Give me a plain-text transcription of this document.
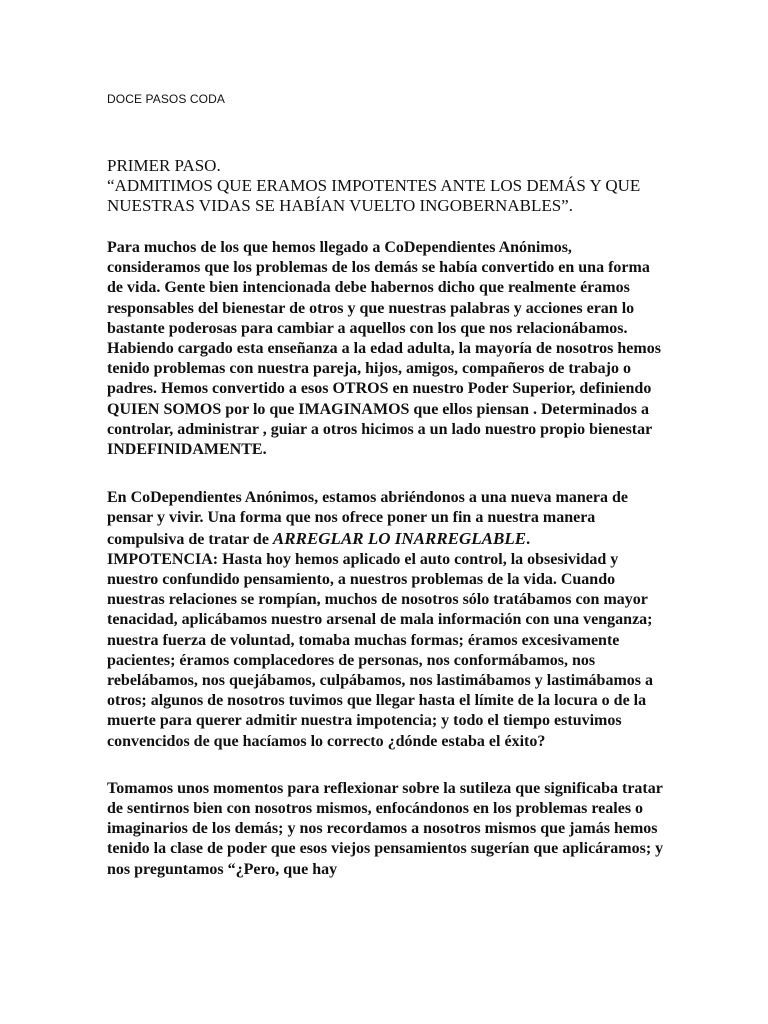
DOCE PASOS CODA

PRIMER PASO.

“ADMITIMOS QUE ERAMOS IMPOTENTES ANTE LOS DEMÁS Y QUE NUESTRAS VIDAS SE HABÍAN VUELTO INGOBERNABLES”.

Para muchos de los que hemos llegado a CoDependientes Anónimos, consideramos que los problemas de los demás se había convertido en una forma de vida. Gente bien intencionada debe habernos dicho que realmente éramos responsables del bienestar de otros y que nuestras palabras y acciones eran lo bastante poderosas para cambiar a aquellos con los que nos relacionábamos. Habiendo cargado esta enseñanza a la edad adulta, la mayoría de nosotros hemos tenido problemas con nuestra pareja, hijos, amigos, compañeros de trabajo o padres. Hemos convertido a esos OTROS en nuestro Poder Superior, definiendo QUIEN SOMOS por lo que IMAGINAMOS que ellos piensan . Determinados a controlar, administrar , guiar a otros hicimos a un lado nuestro propio bienestar INDEFINIDAMENTE.

En CoDependientes Anónimos, estamos abriéndonos a una nueva manera de pensar y vivir. Una forma que nos ofrece poner un fin a nuestra manera compulsiva de tratar de ARREGLAR LO INARREGLABLE.

IMPOTENCIA: Hasta hoy hemos aplicado el auto control, la obsesividad y nuestro confundido pensamiento, a nuestros problemas de la vida. Cuando nuestras relaciones se rompían, muchos de nosotros sólo tratábamos con mayor tenacidad, aplicábamos nuestro arsenal de mala información con una venganza; nuestra fuerza de voluntad, tomaba muchas formas; éramos excesivamente pacientes; éramos complacedores de personas, nos conformábamos, nos rebelábamos, nos quejábamos, culpábamos, nos lastimábamos y lastimábamos a otros; algunos de nosotros tuvimos que llegar hasta el límite de la locura o de la muerte para querer admitir nuestra impotencia; y todo el tiempo estuvimos convencidos de que hacíamos lo correcto ¿dónde estaba el éxito?

Tomamos unos momentos para reflexionar sobre la sutileza que significaba tratar de sentirnos bien con nosotros mismos, enfocándonos en los problemas reales o imaginarios de los demás; y nos recordamos a nosotros mismos que jamás hemos tenido la clase de poder que esos viejos pensamientos sugerían que aplicáramos; y nos preguntamos “¿Pero, que hay
